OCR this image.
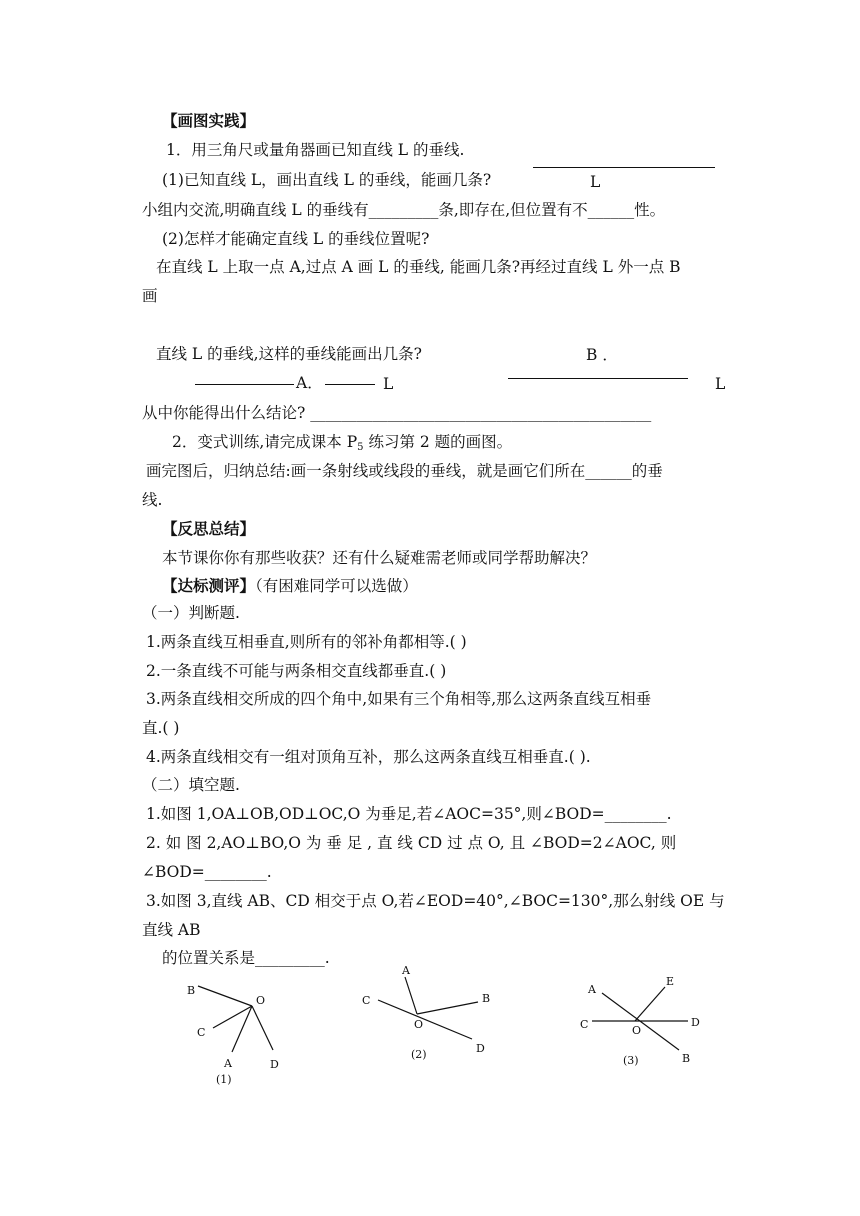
【画图实践】
1．用三角尺或量角器画已知直线 L 的垂线.
(1)已知直线 L，画出直线 L 的垂线，能画几条?	L
小组内交流,明确直线 L 的垂线有_________条,即存在,但位置有不______性。
(2)怎样才能确定直线 L 的垂线位置呢?
在直线 L 上取一点 A,过点 A 画 L 的垂线, 能画几条?再经过直线 L 外一点 B
画
直线 L 的垂线,这样的垂线能画出几条?	B ．
A．	L	L
从中你能得出什么结论? ____________________________________________
2．变式训练,请完成课本 $P_5$ 练习第 2 题的画图。
画完图后，归纳总结:画一条射线或线段的垂线，就是画它们所在______的垂
线.
【反思总结】
本节课你你有那些收获？还有什么疑难需老师或同学帮助解决？
【达标测评】（有困难同学可以选做）
（一）判断题.
1.两条直线互相垂直,则所有的邻补角都相等.( )
2.一条直线不可能与两条相交直线都垂直.( )
3.两条直线相交所成的四个角中,如果有三个角相等,那么这两条直线互相垂
直.( )
4.两条直线相交有一组对顶角互补，那么这两条直线互相垂直.( ).
（二）填空题.
1.如图 1,OA⊥OB,OD⊥OC,O 为垂足,若∠AOC=35°,则∠BOD=________.
2. 如 图 2,AO⊥BO,O 为 垂 足 , 直 线 CD 过 点 O, 且 ∠BOD=2∠AOC, 则
∠BOD=________.
3.如图 3,直线 AB、CD 相交于点 O,若∠EOD=40°,∠BOC=130°,那么射线 OE 与
直线 AB
的位置关系是_________.
B
O
C
A	D
(1)
A
C	B
O
D
(2)
A
E
C	O
D
B
(3)
